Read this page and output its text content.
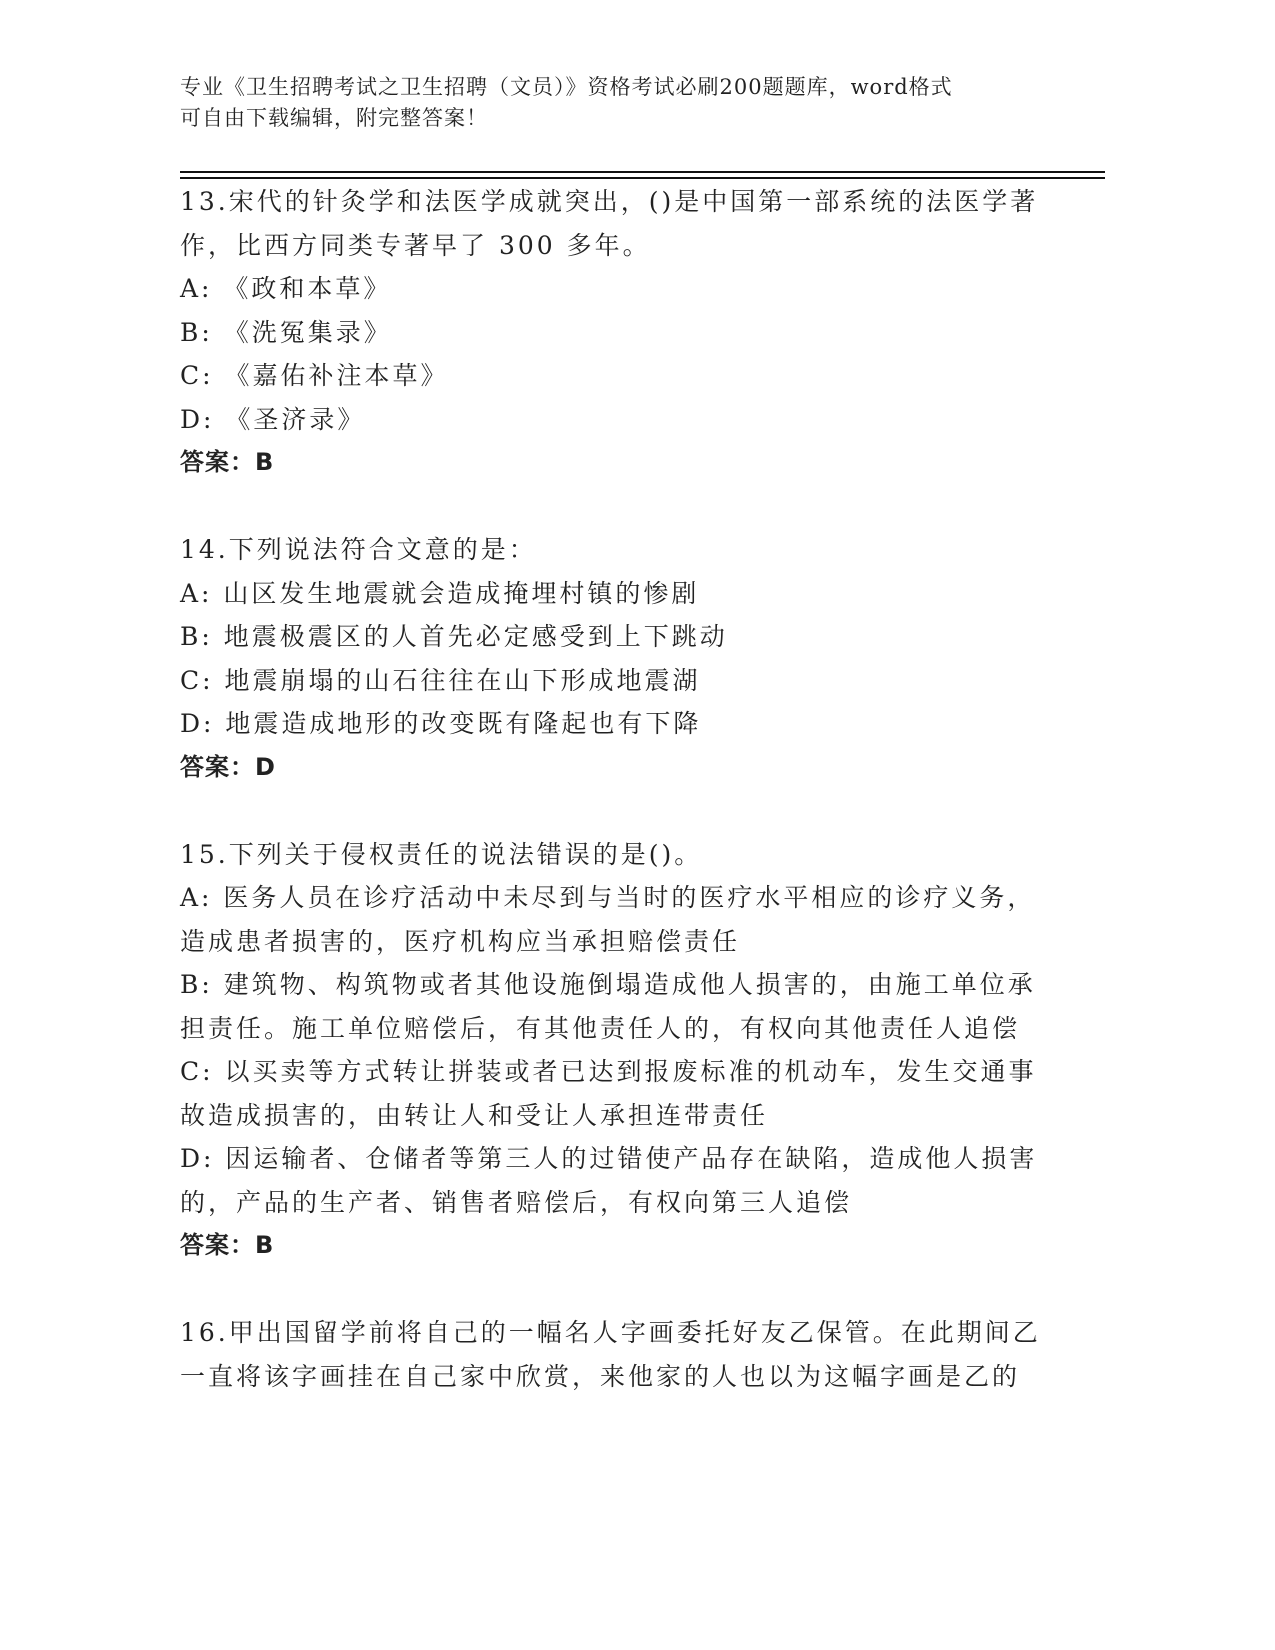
专业《卫生招聘考试之卫生招聘（文员）》资格考试必刷200题题库，word格式
可自由下载编辑，附完整答案！
13.宋代的针灸学和法医学成就突出，()是中国第一部系统的法医学著
作，比西方同类专著早了 300 多年。
A: 《政和本草》
B: 《洗冤集录》
C: 《嘉佑补注本草》
D: 《圣济录》
答案：B
14.下列说法符合文意的是：
A: 山区发生地震就会造成掩埋村镇的惨剧
B: 地震极震区的人首先必定感受到上下跳动
C: 地震崩塌的山石往往在山下形成地震湖
D: 地震造成地形的改变既有隆起也有下降
答案：D
15.下列关于侵权责任的说法错误的是()。
A: 医务人员在诊疗活动中未尽到与当时的医疗水平相应的诊疗义务，
造成患者损害的，医疗机构应当承担赔偿责任
B: 建筑物、构筑物或者其他设施倒塌造成他人损害的，由施工单位承
担责任。施工单位赔偿后，有其他责任人的，有权向其他责任人追偿
C: 以买卖等方式转让拼装或者已达到报废标准的机动车，发生交通事
故造成损害的，由转让人和受让人承担连带责任
D: 因运输者、仓储者等第三人的过错使产品存在缺陷，造成他人损害
的，产品的生产者、销售者赔偿后，有权向第三人追偿
答案：B
16.甲出国留学前将自己的一幅名人字画委托好友乙保管。在此期间乙
一直将该字画挂在自己家中欣赏，来他家的人也以为这幅字画是乙的
